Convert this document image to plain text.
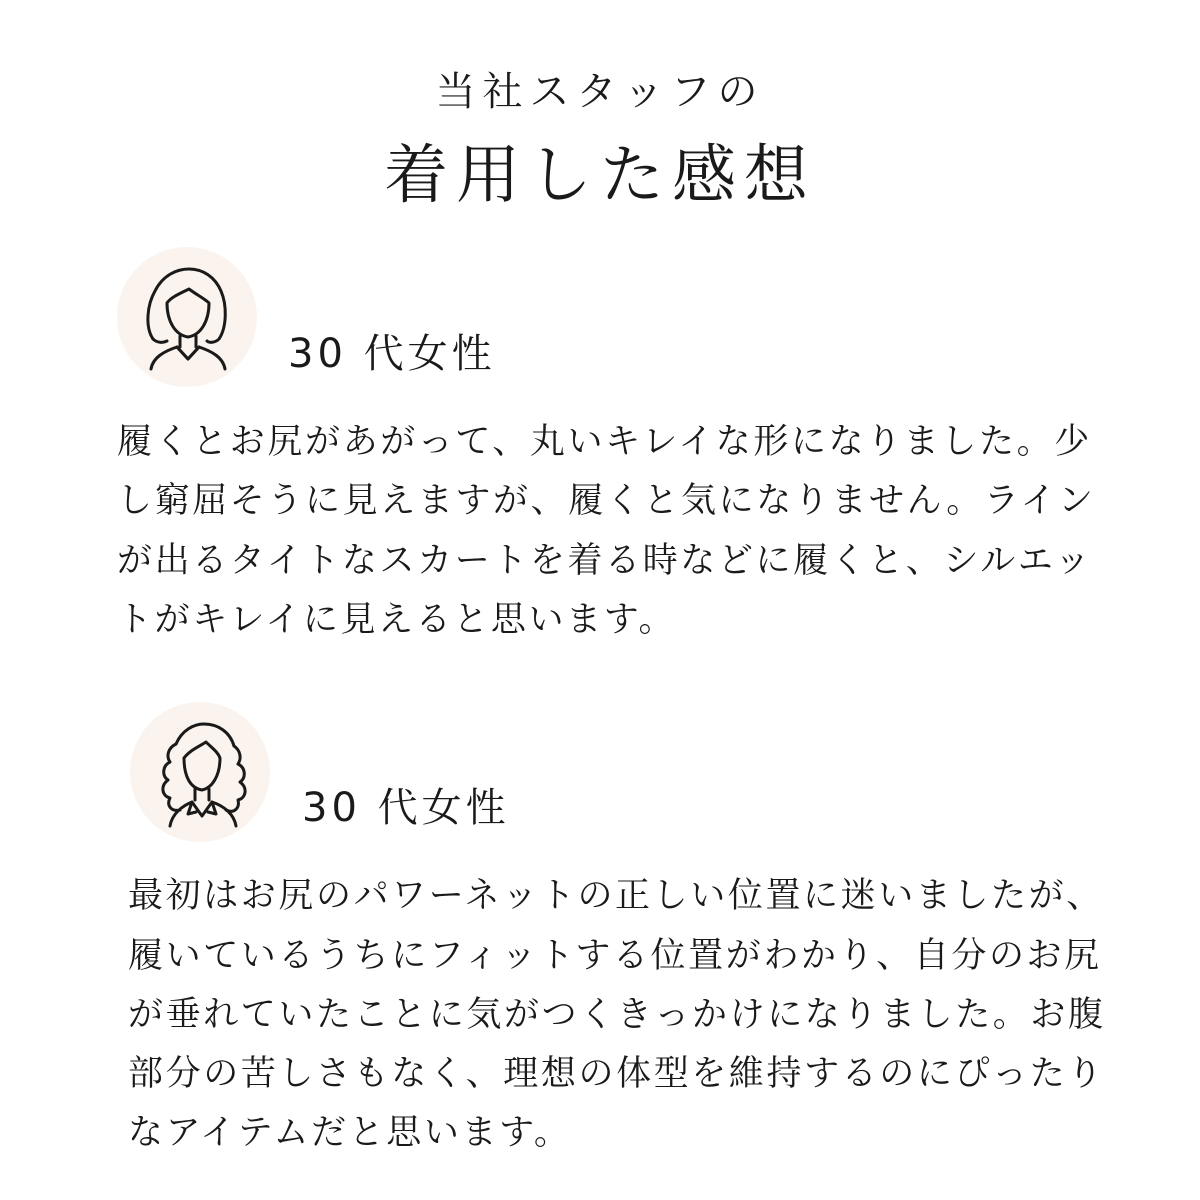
当社スタッフの
着用した感想
30 代女性
履くとお尻があがって、丸いキレイな形になりました。少
し窮屈そうに見えますが、履くと気になりません。ライン
が出るタイトなスカートを着る時などに履くと、シルエッ
トがキレイに見えると思います。
30 代女性
最初はお尻のパワーネットの正しい位置に迷いましたが、
履いているうちにフィットする位置がわかり、自分のお尻
が垂れていたことに気がつくきっかけになりました。お腹
部分の苦しさもなく、理想の体型を維持するのにぴったり
なアイテムだと思います。
